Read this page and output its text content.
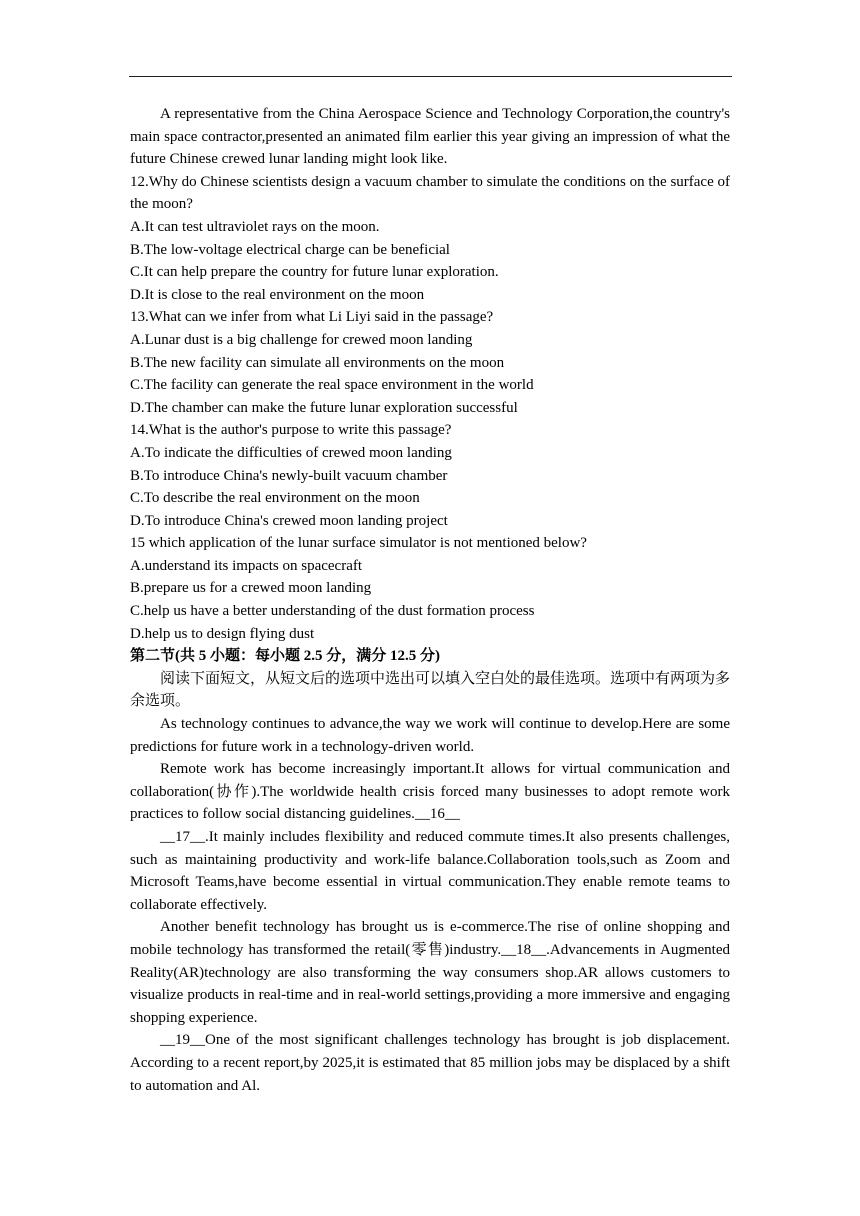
A representative from the China Aerospace Science and Technology Corporation,the country's main space contractor,presented an animated film earlier this year giving an impression of what the future Chinese crewed lunar landing might look like.

12.Why do Chinese scientists design a vacuum chamber to simulate the conditions on the surface of the moon?

A.It can test ultraviolet rays on the moon.

B.The low-voltage electrical charge can be beneficial

C.It can help prepare the country for future lunar exploration.

D.It is close to the real environment on the moon

13.What can we infer from what Li Liyi said in the passage?

A.Lunar dust is a big challenge for crewed moon landing

B.The new facility can simulate all environments on the moon

C.The facility can generate the real space environment in the world

D.The chamber can make the future lunar exploration successful

14.What is the author's purpose to write this passage?

A.To indicate the difficulties of crewed moon landing

B.To introduce China's newly-built vacuum chamber

C.To describe the real environment on the moon

D.To introduce China's crewed moon landing project

15 which application of the lunar surface simulator is not mentioned below?

A.understand its impacts on spacecraft

B.prepare us for a crewed moon landing

C.help us have a better understanding of the dust formation process

D.help us to design flying dust

第二节(共 5 小题：每小题 2.5 分，满分 12.5 分)

阅读下面短文，从短文后的选项中选出可以填入空白处的最佳选项。选项中有两项为多余选项。

As technology continues to advance,the way we work will continue to develop.Here are some predictions for future work in a technology-driven world.

Remote work has become increasingly important.It allows for virtual communication and collaboration(协作).The worldwide health crisis forced many businesses to adopt remote work practices to follow social distancing guidelines.__16__

__17__.It mainly includes flexibility and reduced commute times.It also presents challenges, such as maintaining productivity and work-life balance.Collaboration tools,such as Zoom and Microsoft Teams,have become essential in virtual communication.They enable remote teams to collaborate effectively.

Another benefit technology has brought us is e-commerce.The rise of online shopping and mobile technology has transformed the retail(零售)industry.__18__.Advancements in Augmented Reality(AR)technology are also transforming the way consumers shop.AR allows customers to visualize products in real-time and in real-world settings,providing a more immersive and engaging shopping experience.

__19__One of the most significant challenges technology has brought is job displacement. According to a recent report,by 2025,it is estimated that 85 million jobs may be displaced by a shift to automation and Al.
